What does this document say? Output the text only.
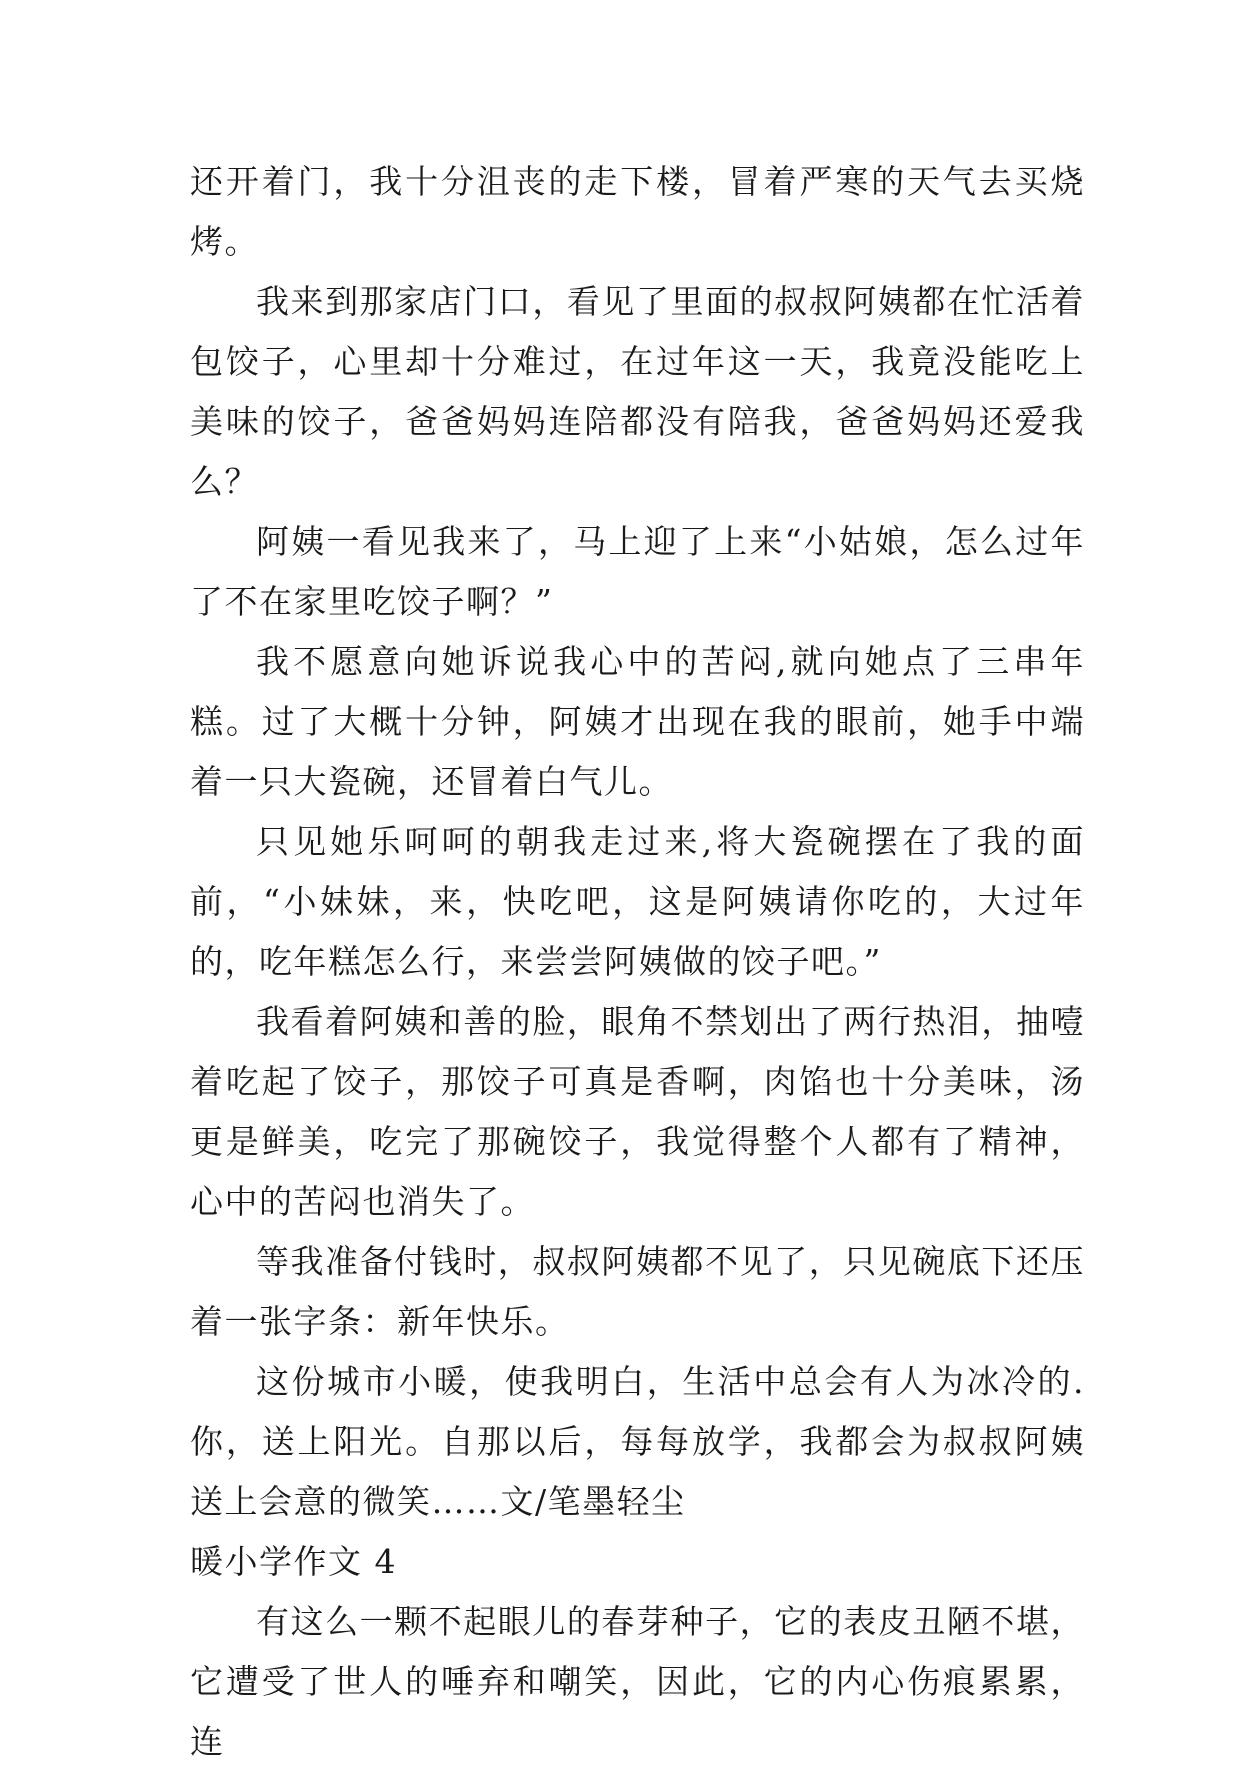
还开着门，我十分沮丧的走下楼，冒着严寒的天气去买烧烤。

我来到那家店门口，看见了里面的叔叔阿姨都在忙活着包饺子，心里却十分难过，在过年这一天，我竟没能吃上美味的饺子，爸爸妈妈连陪都没有陪我，爸爸妈妈还爱我么？

阿姨一看见我来了，马上迎了上来“小姑娘，怎么过年了不在家里吃饺子啊？”

我不愿意向她诉说我心中的苦闷,就向她点了三串年糕。过了大概十分钟，阿姨才出现在我的眼前，她手中端着一只大瓷碗，还冒着白气儿。

只见她乐呵呵的朝我走过来,将大瓷碗摆在了我的面前，“小妹妹，来，快吃吧，这是阿姨请你吃的，大过年的，吃年糕怎么行，来尝尝阿姨做的饺子吧。”

我看着阿姨和善的脸，眼角不禁划出了两行热泪，抽噎着吃起了饺子，那饺子可真是香啊，肉馅也十分美味，汤更是鲜美，吃完了那碗饺子，我觉得整个人都有了精神，心中的苦闷也消失了。

等我准备付钱时，叔叔阿姨都不见了，只见碗底下还压着一张字条：新年快乐。

这份城市小暖，使我明白，生活中总会有人为冰冷的.你，送上阳光。自那以后，每每放学，我都会为叔叔阿姨送上会意的微笑……文/笔墨轻尘

暖小学作文 4

有这么一颗不起眼儿的春芽种子，它的表皮丑陋不堪，它遭受了世人的唾弃和嘲笑，因此，它的内心伤痕累累，连
